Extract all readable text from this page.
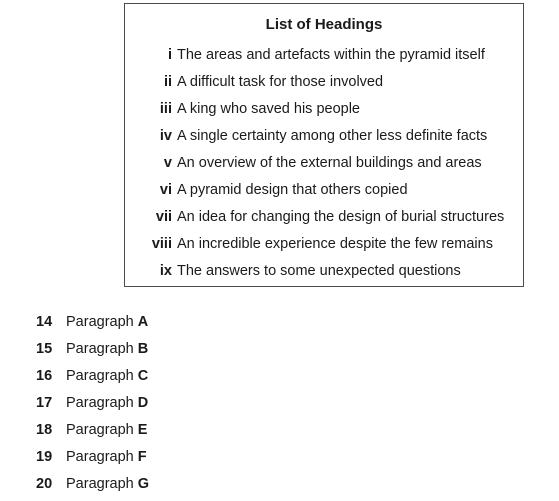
List of Headings
i The areas and artefacts within the pyramid itself
ii A difficult task for those involved
iii A king who saved his people
iv A single certainty among other less definite facts
v An overview of the external buildings and areas
vi A pyramid design that others copied
vii An idea for changing the design of burial structures
viii An incredible experience despite the few remains
ix The answers to some unexpected questions
14 Paragraph A
15 Paragraph B
16 Paragraph C
17 Paragraph D
18 Paragraph E
19 Paragraph F
20 Paragraph G
